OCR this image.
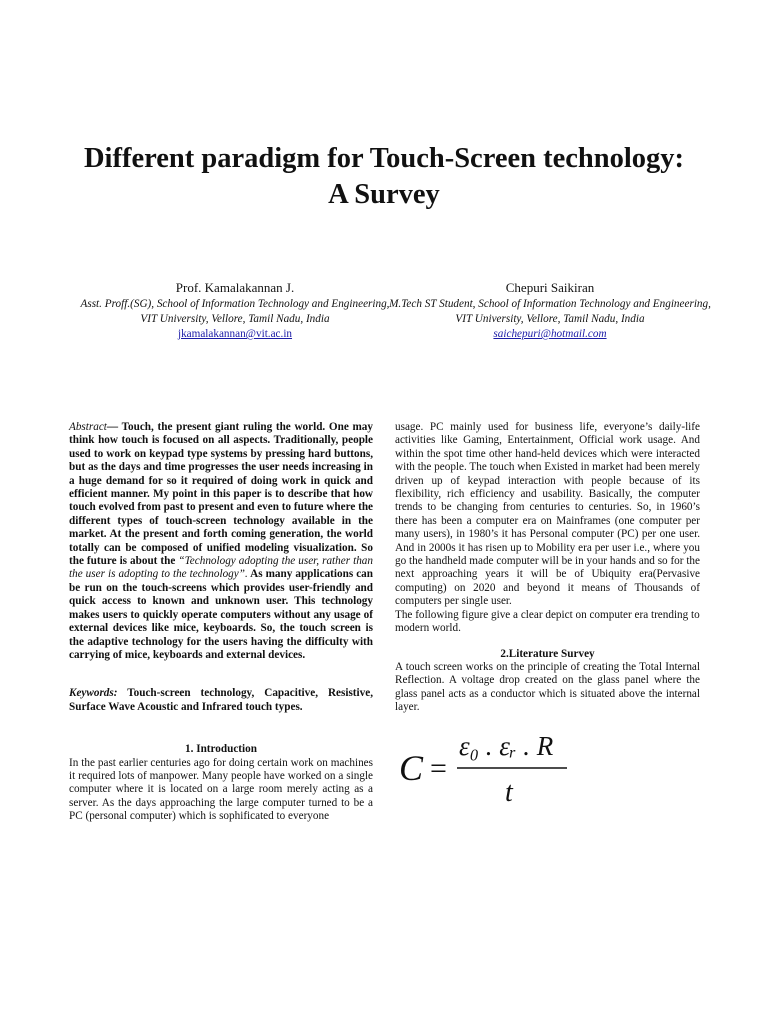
Different paradigm for Touch-Screen technology:
A Survey
Prof. Kamalakannan J.
Asst. Proff.(SG), School of Information Technology and Engineering,
VIT University, Vellore, Tamil Nadu, India
jkamalakannan@vit.ac.in
Chepuri Saikiran
M.Tech ST Student, School of Information Technology and Engineering,
VIT University, Vellore, Tamil Nadu, India
saichepuri@hotmail.com
Abstract— Touch, the present giant ruling the world. One may think how touch is focused on all aspects. Traditionally, people used to work on keypad type systems by pressing hard buttons, but as the days and time progresses the user needs increasing in a huge demand for so it required of doing work in quick and efficient manner. My point in this paper is to describe that how touch evolved from past to present and even to future where the different types of touch-screen technology available in the market. At the present and forth coming generation, the world totally can be composed of unified modeling visualization. So the future is about the “Technology adopting the user, rather than the user is adopting to the technology”. As many applications can be run on the touch-screens which provides user-friendly and quick access to known and unknown user. This technology makes users to quickly operate computers without any usage of external devices like mice, keyboards. So, the touch screen is the adaptive technology for the users having the difficulty with carrying of mice, keyboards and external devices.
Keywords: Touch-screen technology, Capacitive, Resistive, Surface Wave Acoustic and Infrared touch types.
1. Introduction
In the past earlier centuries ago for doing certain work on machines it required lots of manpower. Many people have worked on a single computer where it is located on a large room merely acting as a server. As the days approaching the large computer turned to be a PC (personal computer) which is sophificated to everyone
usage. PC mainly used for business life, everyone’s daily-life activities like Gaming, Entertainment, Official work usage. And within the spot time other hand-held devices which were interacted with the people. The touch when Existed in market had been merely driven up of keypad interaction with people because of its flexibility, rich efficiency and usability. Basically, the computer trends to be changing from centuries to centuries. So, in 1960’s there has been a computer era on Mainframes (one computer per many users), in 1980’s it has Personal computer (PC) per one user. And in 2000s it has risen up to Mobility era per user i.e., where you go the handheld made computer will be in your hands and so for the next approaching years it will be of Ubiquity era(Pervasive computing) on 2020 and beyond it means of Thousands of computers per single user.
The following figure give a clear depict on computer era trending to modern world.
2.Literature Survey
A touch screen works on the principle of creating the Total Internal Reflection. A voltage drop created on the glass panel where the glass panel acts as a conductor which is situated above the internal layer.
C =
ε₀ . εᵣ . R
t
